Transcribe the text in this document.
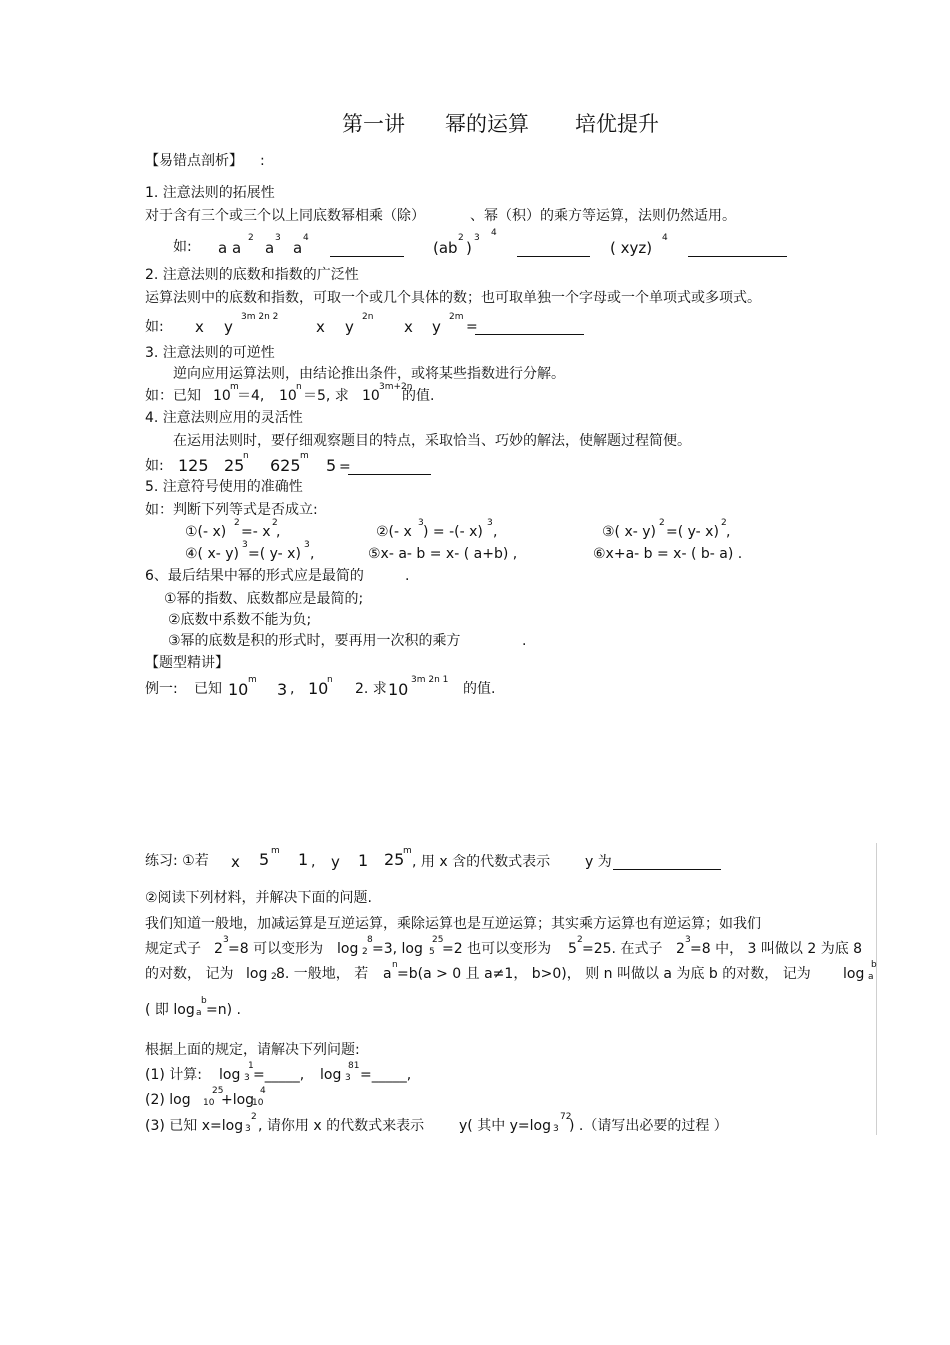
第一讲 幂的运算 培优提升
【易错点剖析】 :
1. 注意法则的拓展性
对于含有三个或三个以上同底数幂相乘（除）	、幂（积）的乘方等运算，法则仍然适用。
如: a a
2
a
3
a
4
(ab
2
)
3 4
( xyz)
4
2. 注意法则的底数和指数的广泛性
运算法则中的底数和指数，可取一个或几个具体的数；也可取单独一个字母或一个单项式或多项式。
如: x y
3m 2n 2
x y
2n
x y
2m
=
3. 注意法则的可逆性
逆向应用运算法则，由结论推出条件，或将某些指数进行分解。
如：已知 10
m
＝4, 10
n
＝5, 求 10
3m+2n
的值.
4. 注意法则应用的灵活性
在运用法则时，要仔细观察题目的特点，采取恰当、巧妙的解法，使解题过程简便。
如: 125 25
n 625 m 5 =
5. 注意符号使用的准确性
如：判断下列等式是否成立:
①(- x)
2
=- x
2
,	②(- x
3
) = -(- x)
3
,	③( x- y)
2
=( y- x)
2
,
④( x- y)
3
=( y- x)
3
,	⑤x- a- b = x- ( a+b) ,	⑥x+a- b = x- ( b- a) .
6、最后结果中幂的形式应是最简的	.
①幂的指数、底数都应是最简的;
②底数中系数不能为负;
③幂的底数是积的形式时，要再用一次积的乘方	.
【题型精讲】
例一: 已知 10 m 3 , 10
n
2. 求 10 3m 2n 1
的值.
练习: ①若 x 5 m 1 , y 1 25
m
, 用 x 含的代数式表示 y 为
②阅读下列材料，并解决下面的问题.
我们知道一般地，加减运算是互逆运算，乘除运算也是互逆运算；其实乘方运算也有逆运算；如我们
规定式子 2
3
=8 可以变形为 log 2
8
=3, log 5
25
=2 也可以变形为 5
2
=25. 在式子 2
3
=8 中， 3 叫做以 2 为底 8
的对数， 记为 log 2 8. 一般地， 若 a
n
=b(a > 0 且 a≠1， b>0)， 则 n 叫做以 a 为底 b 的对数， 记为 log a
b
( 即 log a
b
=n) .
根据上面的规定，请解决下列问题:
(1) 计算: log 3
1
=_____, log 3
81
=_____,
(2) log 10
25
+log
10
4
(3) 已知 x=log 3
2
, 请你用 x 的代数式来表示 y( 其中 y=log 3
72
) .（请写出必要的过程 ）
